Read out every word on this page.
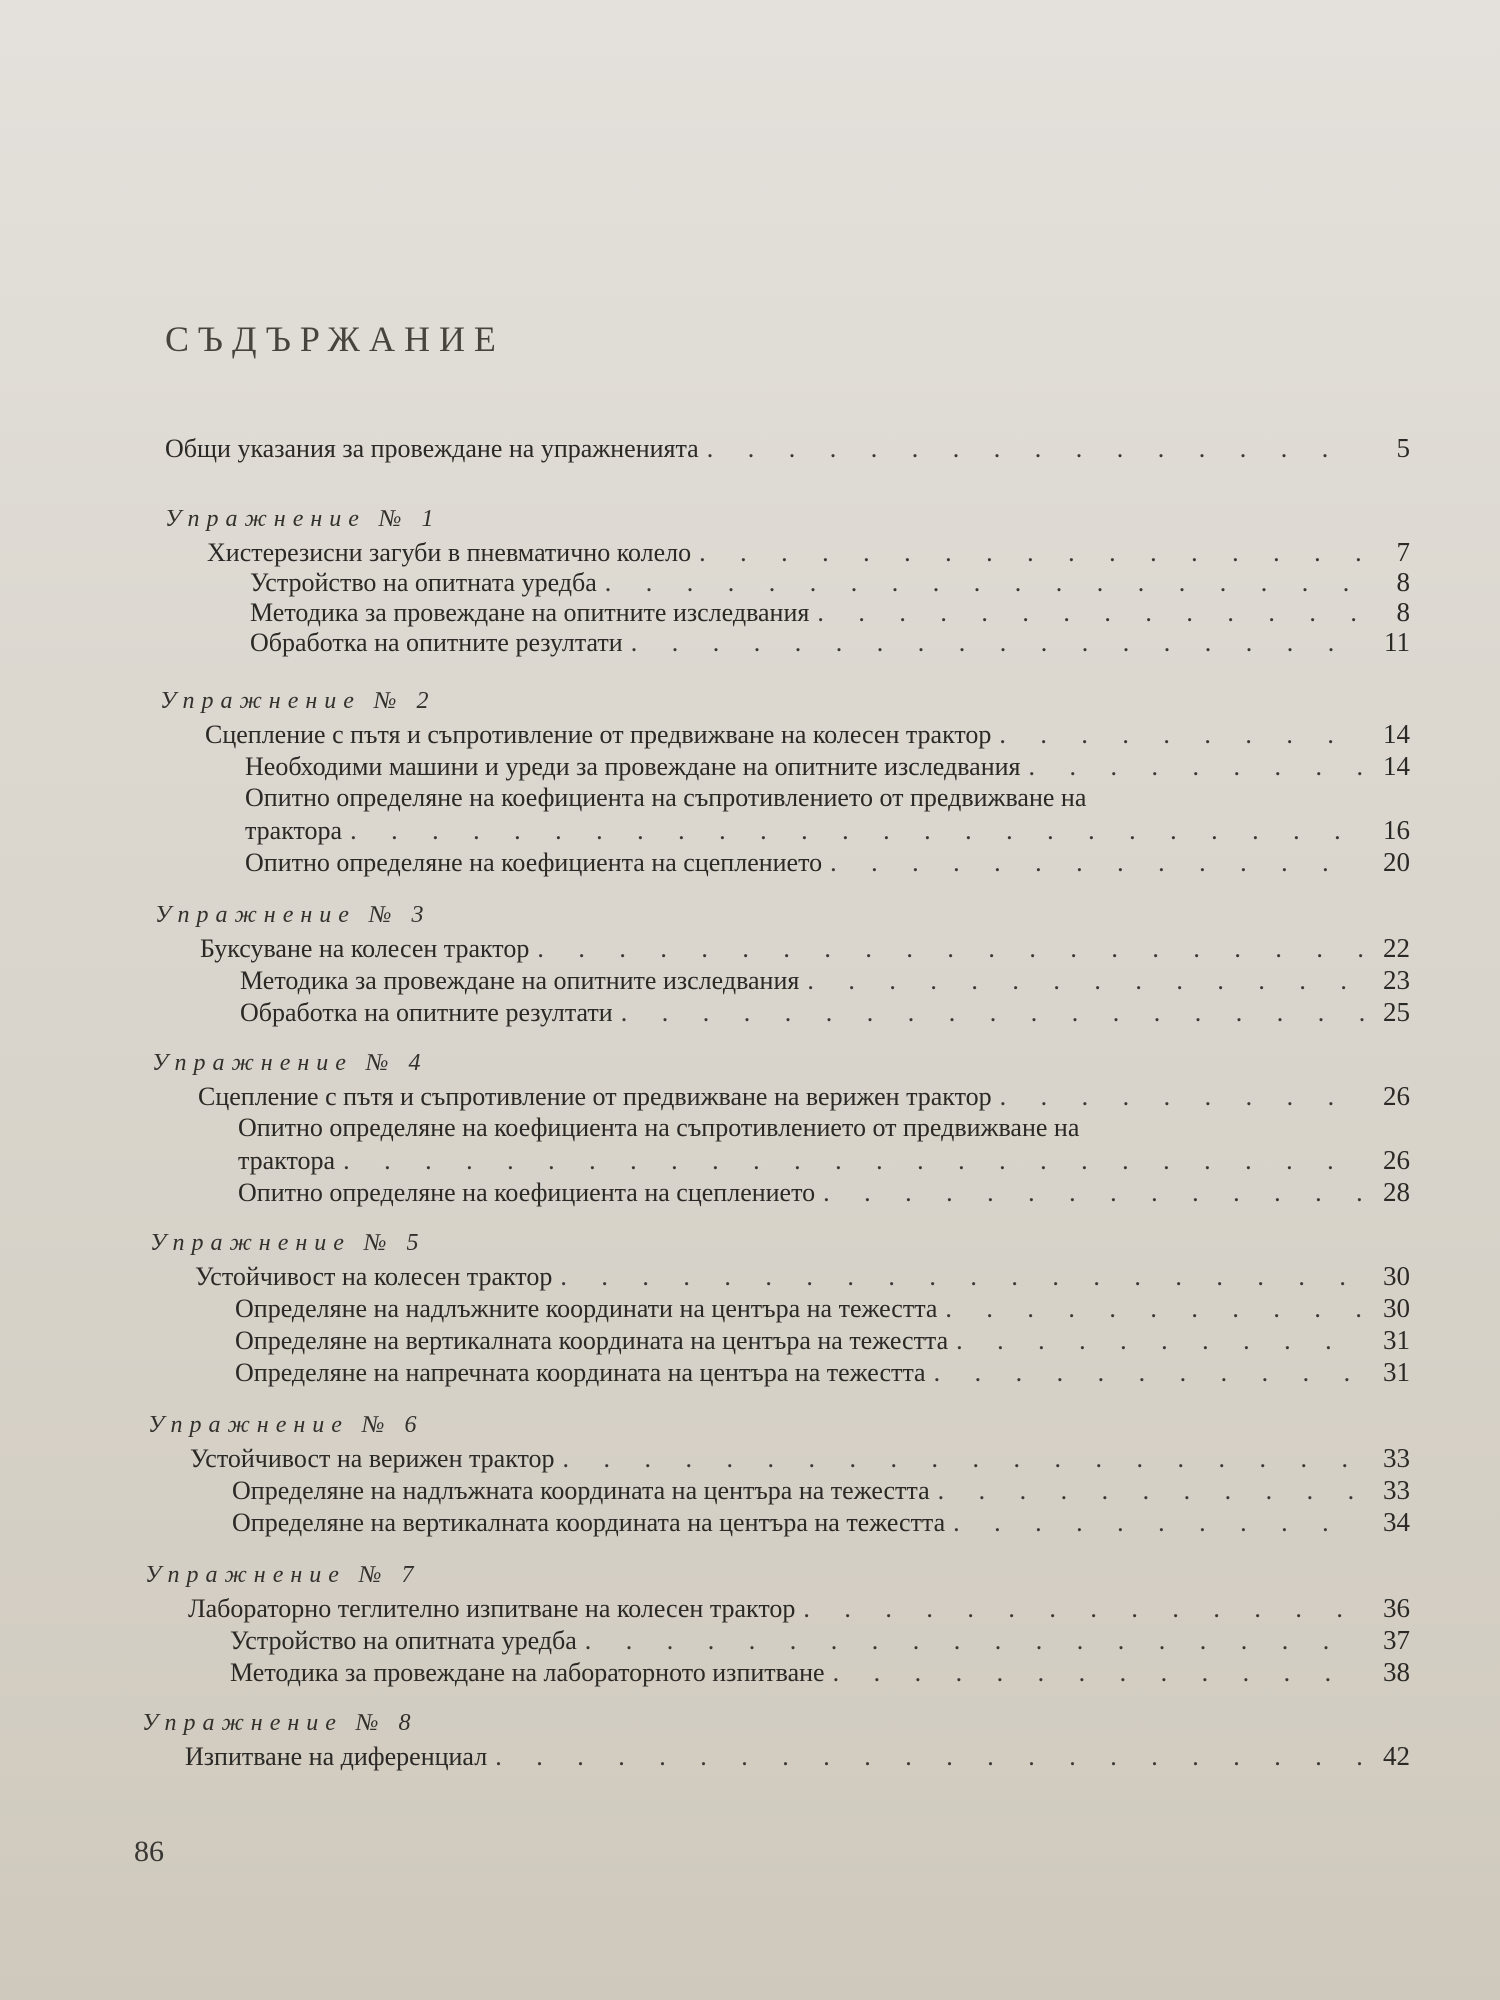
СЪДЪРЖАНИЕ
Общи указания за провеждане на упражненията . . .	5
Упражнение № 1
Хистерезисни загуби в пневматично колело . . .	7
Устройство на опитната уредба . . .	8
Методика за провеждане на опитните изследвания . . .	8
Обработка на опитните резултати . . .	11
Упражнение № 2
Сцепление с пътя и съпротивление от предвижване на колесен трактор . . .	14
Необходими машини и уреди за провеждане на опитните изследвания . . .	14
Опитно определяне на коефициента на съпротивлението от предвижване на
трактора . . .	16
Опитно определяне на коефициента на сцеплението . . .	20
Упражнение № 3
Буксуване на колесен трактор . . .	22
Методика за провеждане на опитните изследвания . . .	23
Обработка на опитните резултати . . .	25
Упражнение № 4
Сцепление с пътя и съпротивление от предвижване на верижен трактор . . .	26
Опитно определяне на коефициента на съпротивлението от предвижване на
трактора . . .	26
Опитно определяне на коефициента на сцеплението . . .	28
Упражнение № 5
Устойчивост на колесен трактор . . .	30
Определяне на надлъжните координати на центъра на тежестта . . .	30
Определяне на вертикалната координата на центъра на тежестта . . .	31
Определяне на напречната координата на центъра на тежестта . . .	31
Упражнение № 6
Устойчивост на верижен трактор . . .	33
Определяне на надлъжната координата на центъра на тежестта . . .	33
Определяне на вертикалната координата на центъра на тежестта . . .	34
Упражнение № 7
Лабораторно теглително изпитване на колесен трактор . . .	36
Устройство на опитната уредба . . .	37
Методика за провеждане на лабораторното изпитване . . .	38
Упражнение № 8
Изпитване на диференциал . . .	42
86
